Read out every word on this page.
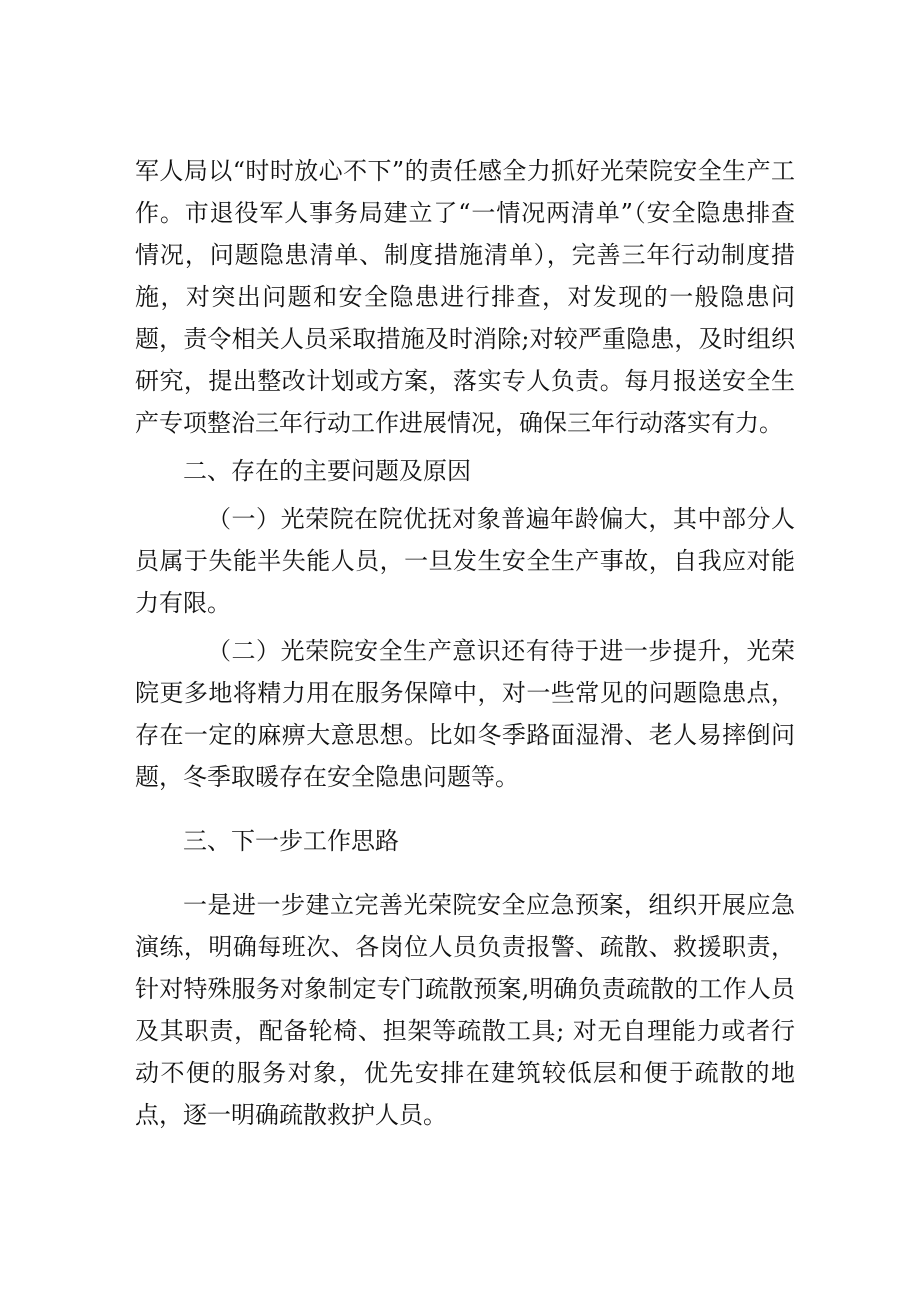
军人局以“时时放心不下”的责任感全力抓好光荣院安全生产工作。市退役军人事务局建立了“一情况两清单”（安全隐患排查情况，问题隐患清单、制度措施清单），完善三年行动制度措施，对突出问题和安全隐患进行排查，对发现的一般隐患问题，责令相关人员采取措施及时消除;对较严重隐患，及时组织研究，提出整改计划或方案，落实专人负责。每月报送安全生产专项整治三年行动工作进展情况，确保三年行动落实有力。

二、存在的主要问题及原因

（一）光荣院在院优抚对象普遍年龄偏大，其中部分人员属于失能半失能人员，一旦发生安全生产事故，自我应对能力有限。

（二）光荣院安全生产意识还有待于进一步提升，光荣院更多地将精力用在服务保障中，对一些常见的问题隐患点，存在一定的麻痹大意思想。比如冬季路面湿滑、老人易摔倒问题，冬季取暖存在安全隐患问题等。

三、下一步工作思路

一是进一步建立完善光荣院安全应急预案，组织开展应急演练，明确每班次、各岗位人员负责报警、疏散、救援职责，针对特殊服务对象制定专门疏散预案,明确负责疏散的工作人员及其职责，配备轮椅、担架等疏散工具; 对无自理能力或者行动不便的服务对象，优先安排在建筑较低层和便于疏散的地点，逐一明确疏散救护人员。
